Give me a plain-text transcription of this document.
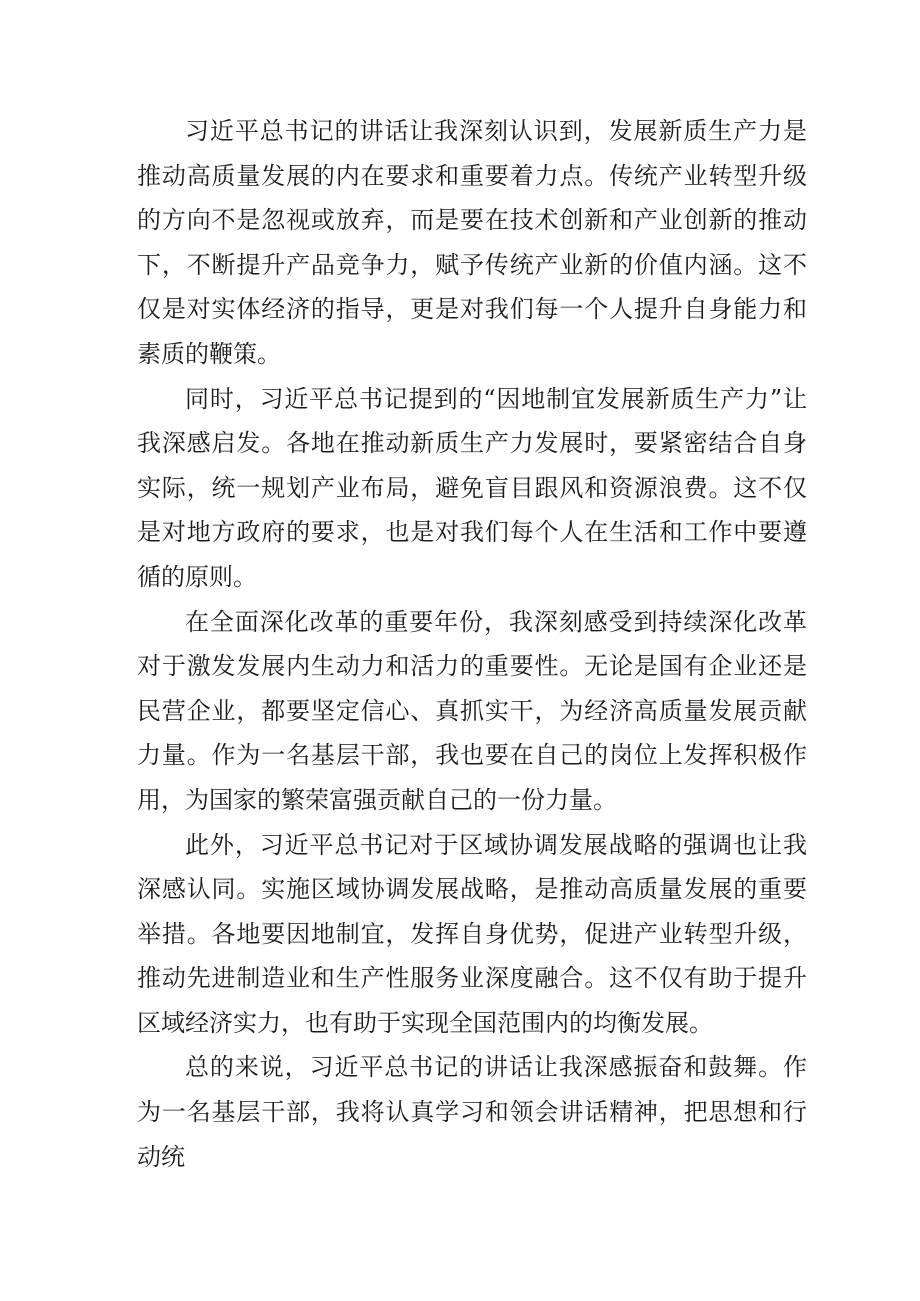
习近平总书记的讲话让我深刻认识到，发展新质生产力是推动高质量发展的内在要求和重要着力点。传统产业转型升级的方向不是忽视或放弃，而是要在技术创新和产业创新的推动下，不断提升产品竞争力，赋予传统产业新的价值内涵。这不仅是对实体经济的指导，更是对我们每一个人提升自身能力和素质的鞭策。

同时，习近平总书记提到的“因地制宜发展新质生产力”让我深感启发。各地在推动新质生产力发展时，要紧密结合自身实际，统一规划产业布局，避免盲目跟风和资源浪费。这不仅是对地方政府的要求，也是对我们每个人在生活和工作中要遵循的原则。

在全面深化改革的重要年份，我深刻感受到持续深化改革对于激发发展内生动力和活力的重要性。无论是国有企业还是民营企业，都要坚定信心、真抓实干，为经济高质量发展贡献力量。作为一名基层干部，我也要在自己的岗位上发挥积极作用，为国家的繁荣富强贡献自己的一份力量。

此外，习近平总书记对于区域协调发展战略的强调也让我深感认同。实施区域协调发展战略，是推动高质量发展的重要举措。各地要因地制宜，发挥自身优势，促进产业转型升级，推动先进制造业和生产性服务业深度融合。这不仅有助于提升区域经济实力，也有助于实现全国范围内的均衡发展。

总的来说，习近平总书记的讲话让我深感振奋和鼓舞。作为一名基层干部，我将认真学习和领会讲话精神，把思想和行动统
